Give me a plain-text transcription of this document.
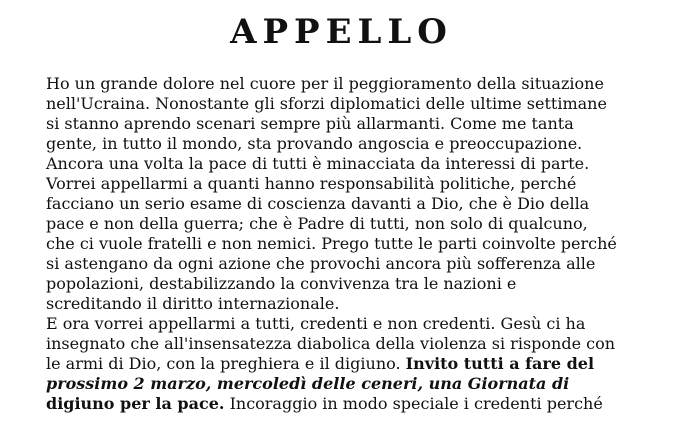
APPELLO
Ho un grande dolore nel cuore per il peggioramento della situazione
nell'Ucraina. Nonostante gli sforzi diplomatici delle ultime settimane
si stanno aprendo scenari sempre più allarmanti. Come me tanta
gente, in tutto il mondo, sta provando angoscia e preoccupazione.
Ancora una volta la pace di tutti è minacciata da interessi di parte.
Vorrei appellarmi a quanti hanno responsabilità politiche, perché
facciano un serio esame di coscienza davanti a Dio, che è Dio della
pace e non della guerra; che è Padre di tutti, non solo di qualcuno,
che ci vuole fratelli e non nemici. Prego tutte le parti coinvolte perché
si astengano da ogni azione che provochi ancora più sofferenza alle
popolazioni, destabilizzando la convivenza tra le nazioni e
screditando il diritto internazionale.
E ora vorrei appellarmi a tutti, credenti e non credenti. Gesù ci ha
insegnato che all'insensatezza diabolica della violenza si risponde con
le armi di Dio, con la preghiera e il digiuno. Invito tutti a fare del
prossimo 2 marzo, mercoledì delle ceneri, una Giornata di
digiuno per la pace. Incoraggio in modo speciale i credenti perché
